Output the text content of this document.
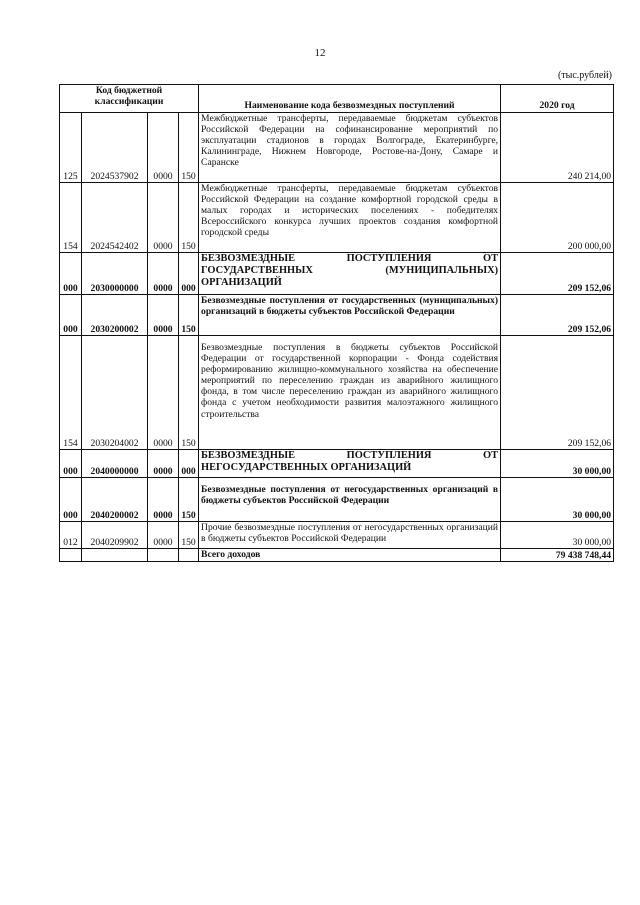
12
(тыс.рублей)
Код бюджетной классификации				Наименование кода безвозмездных поступлений	2020 год
125	2024537902	0000	150	Межбюджетные трансферты, передаваемые бюджетам субъектов Российской Федерации на софинансирование мероприятий по эксплуатации стадионов в городах Волгограде, Екатеринбурге, Калининграде, Нижнем Новгороде, Ростове-на-Дону, Самаре и Саранске	240 214,00
154	2024542402	0000	150	Межбюджетные трансферты, передаваемые бюджетам субъектов Российской Федерации на создание комфортной городской среды в малых городах и исторических поселениях - победителях Всероссийского конкурса лучших проектов создания комфортной городской среды	200 000,00
000	2030000000	0000	000	БЕЗВОЗМЕЗДНЫЕ ПОСТУПЛЕНИЯ ОТ ГОСУДАРСТВЕННЫХ (МУНИЦИПАЛЬНЫХ) ОРГАНИЗАЦИЙ	209 152,06
000	2030200002	0000	150	Безвозмездные поступления от государственных (муниципальных) организаций в бюджеты субъектов Российской Федерации	209 152,06
154	2030204002	0000	150	Безвозмездные поступления в бюджеты субъектов Российской Федерации от государственной корпорации - Фонда содействия реформированию жилищно-коммунального хозяйства на обеспечение мероприятий по переселению граждан из аварийного жилищного фонда, в том числе переселению граждан из аварийного жилищного фонда с учетом необходимости развития малоэтажного жилищного строительства	209 152,06
000	2040000000	0000	000	БЕЗВОЗМЕЗДНЫЕ ПОСТУПЛЕНИЯ ОТ НЕГОСУДАРСТВЕННЫХ ОРГАНИЗАЦИЙ	30 000,00
000	2040200002	0000	150	Безвозмездные поступления от негосударственных организаций в бюджеты субъектов Российской Федерации	30 000,00
012	2040209902	0000	150	Прочие безвозмездные поступления от негосударственных организаций в бюджеты субъектов Российской Федерации	30 000,00
				Всего доходов	79 438 748,44
